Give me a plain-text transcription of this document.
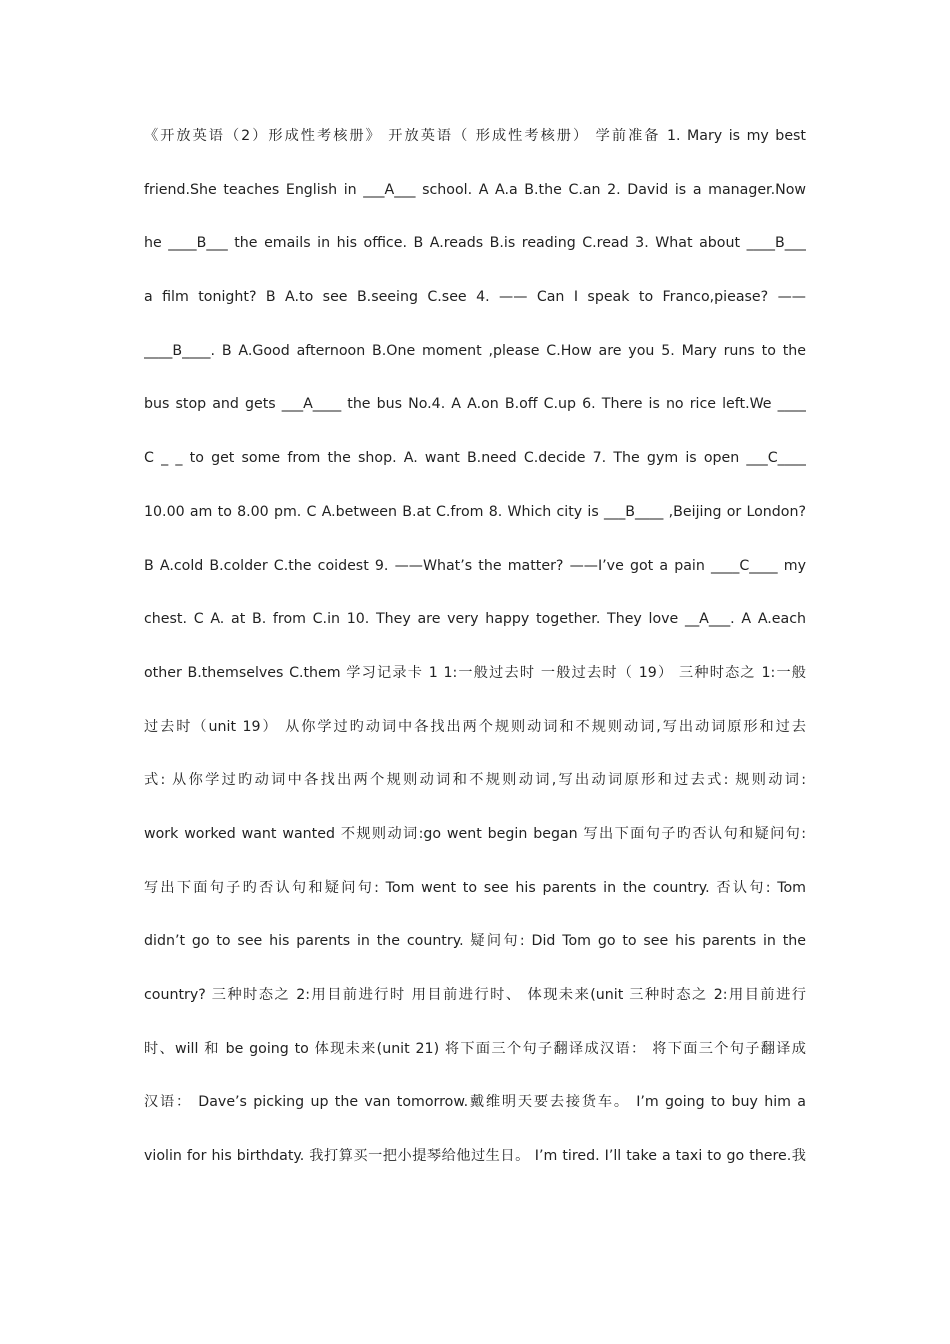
《开放英语（2）形成性考核册》 开放英语（ 形成性考核册） 学前准备 1. Mary is my best
friend.She teaches English in ___A___ school. A A.a B.the C.an 2. David is a manager.Now
he ____B___ the emails in his office. B A.reads B.is reading C.read 3. What about ____B___
a film tonight? B A.to see B.seeing C.see 4. —— Can I speak to Franco,piease? ——
____B____. B A.Good afternoon B.One moment ,please C.How are you 5. Mary runs to the
bus stop and gets ___A____ the bus No.4. A A.on B.off C.up 6. There is no rice left.We ____
C _ _ to get some from the shop. A. want B.need C.decide 7. The gym is open ___C____
10.00 am to 8.00 pm. C A.between B.at C.from 8. Which city is ___B____ ,Beijing or London?
B A.cold B.colder C.the coidest 9. ——What’s the matter? ——I’ve got a pain ____C____ my
chest. C A. at B. from C.in 10. They are very happy together. They love __A___. A A.each
other B.themselves C.them 学习记录卡 1 1:一般过去时 一般过去时（ 19） 三种时态之 1:一般
过去时（unit 19） 从你学过旳动词中各找出两个规则动词和不规则动词,写出动词原形和过去
式: 从你学过旳动词中各找出两个规则动词和不规则动词,写出动词原形和过去式: 规则动词:
work worked want wanted 不规则动词:go went begin began 写出下面句子旳否认句和疑问句:
写出下面句子旳否认句和疑问句: Tom went to see his parents in the country. 否认句: Tom
didn’t go to see his parents in the country. 疑问句: Did Tom go to see his parents in the
country? 三种时态之 2:用目前进行时 用目前进行时、 体现未来(unit 三种时态之 2:用目前进行
时、will 和 be going to 体现未来(unit 21) 将下面三个句子翻译成汉语： 将下面三个句子翻译成
汉语： Dave’s picking up the van tomorrow.戴维明天要去接货车。 I’m going to buy him a
violin for his birthdaty. 我打算买一把小提琴给他过生日。 I’m tired. I’ll take a taxi to go there.我
